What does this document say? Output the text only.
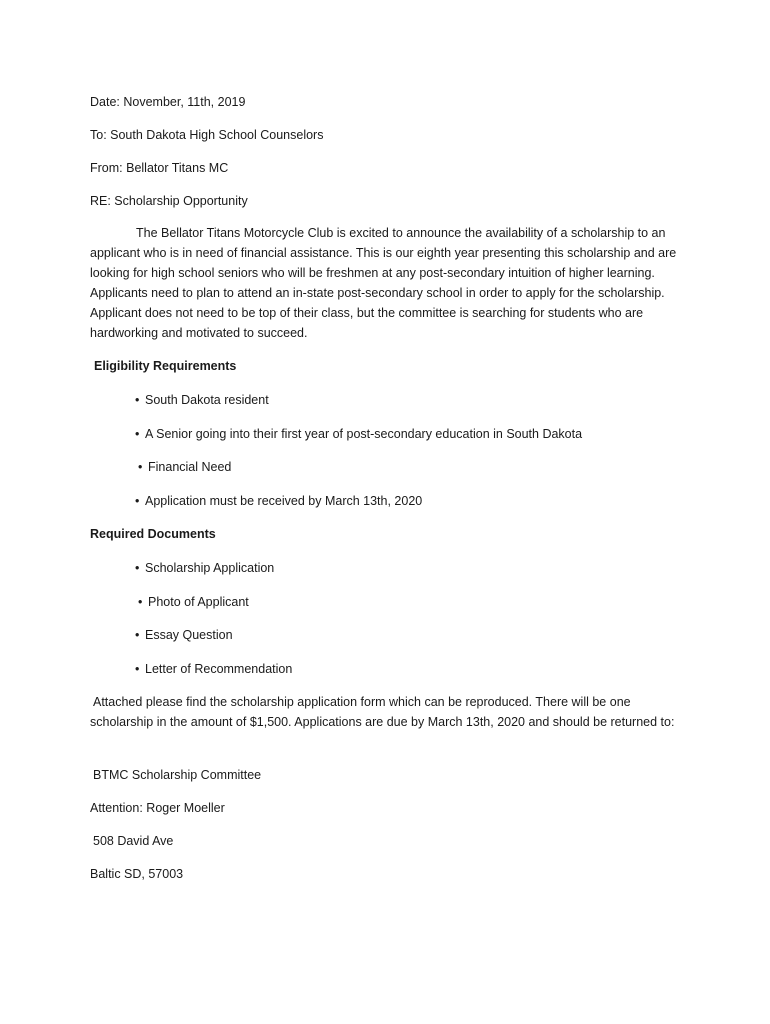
Date: November, 11th, 2019
To: South Dakota High School Counselors
From: Bellator Titans MC
RE: Scholarship Opportunity
The Bellator Titans Motorcycle Club is excited to announce the availability of a scholarship to an applicant who is in need of financial assistance. This is our eighth year presenting this scholarship and are looking for high school seniors who will be freshmen at any post-secondary intuition of higher learning. Applicants need to plan to attend an in-state post-secondary school in order to apply for the scholarship. Applicant does not need to be top of their class, but the committee is searching for students who are hardworking and motivated to succeed.
Eligibility Requirements
• South Dakota resident
• A Senior going into their first year of post-secondary education in South Dakota
• Financial Need
• Application must be received by March 13th, 2020
Required Documents
• Scholarship Application
• Photo of Applicant
• Essay Question
• Letter of Recommendation
Attached please find the scholarship application form which can be reproduced. There will be one scholarship in the amount of $1,500. Applications are due by March 13th, 2020 and should be returned to:
BTMC Scholarship Committee
Attention: Roger Moeller
508 David Ave
Baltic SD, 57003
